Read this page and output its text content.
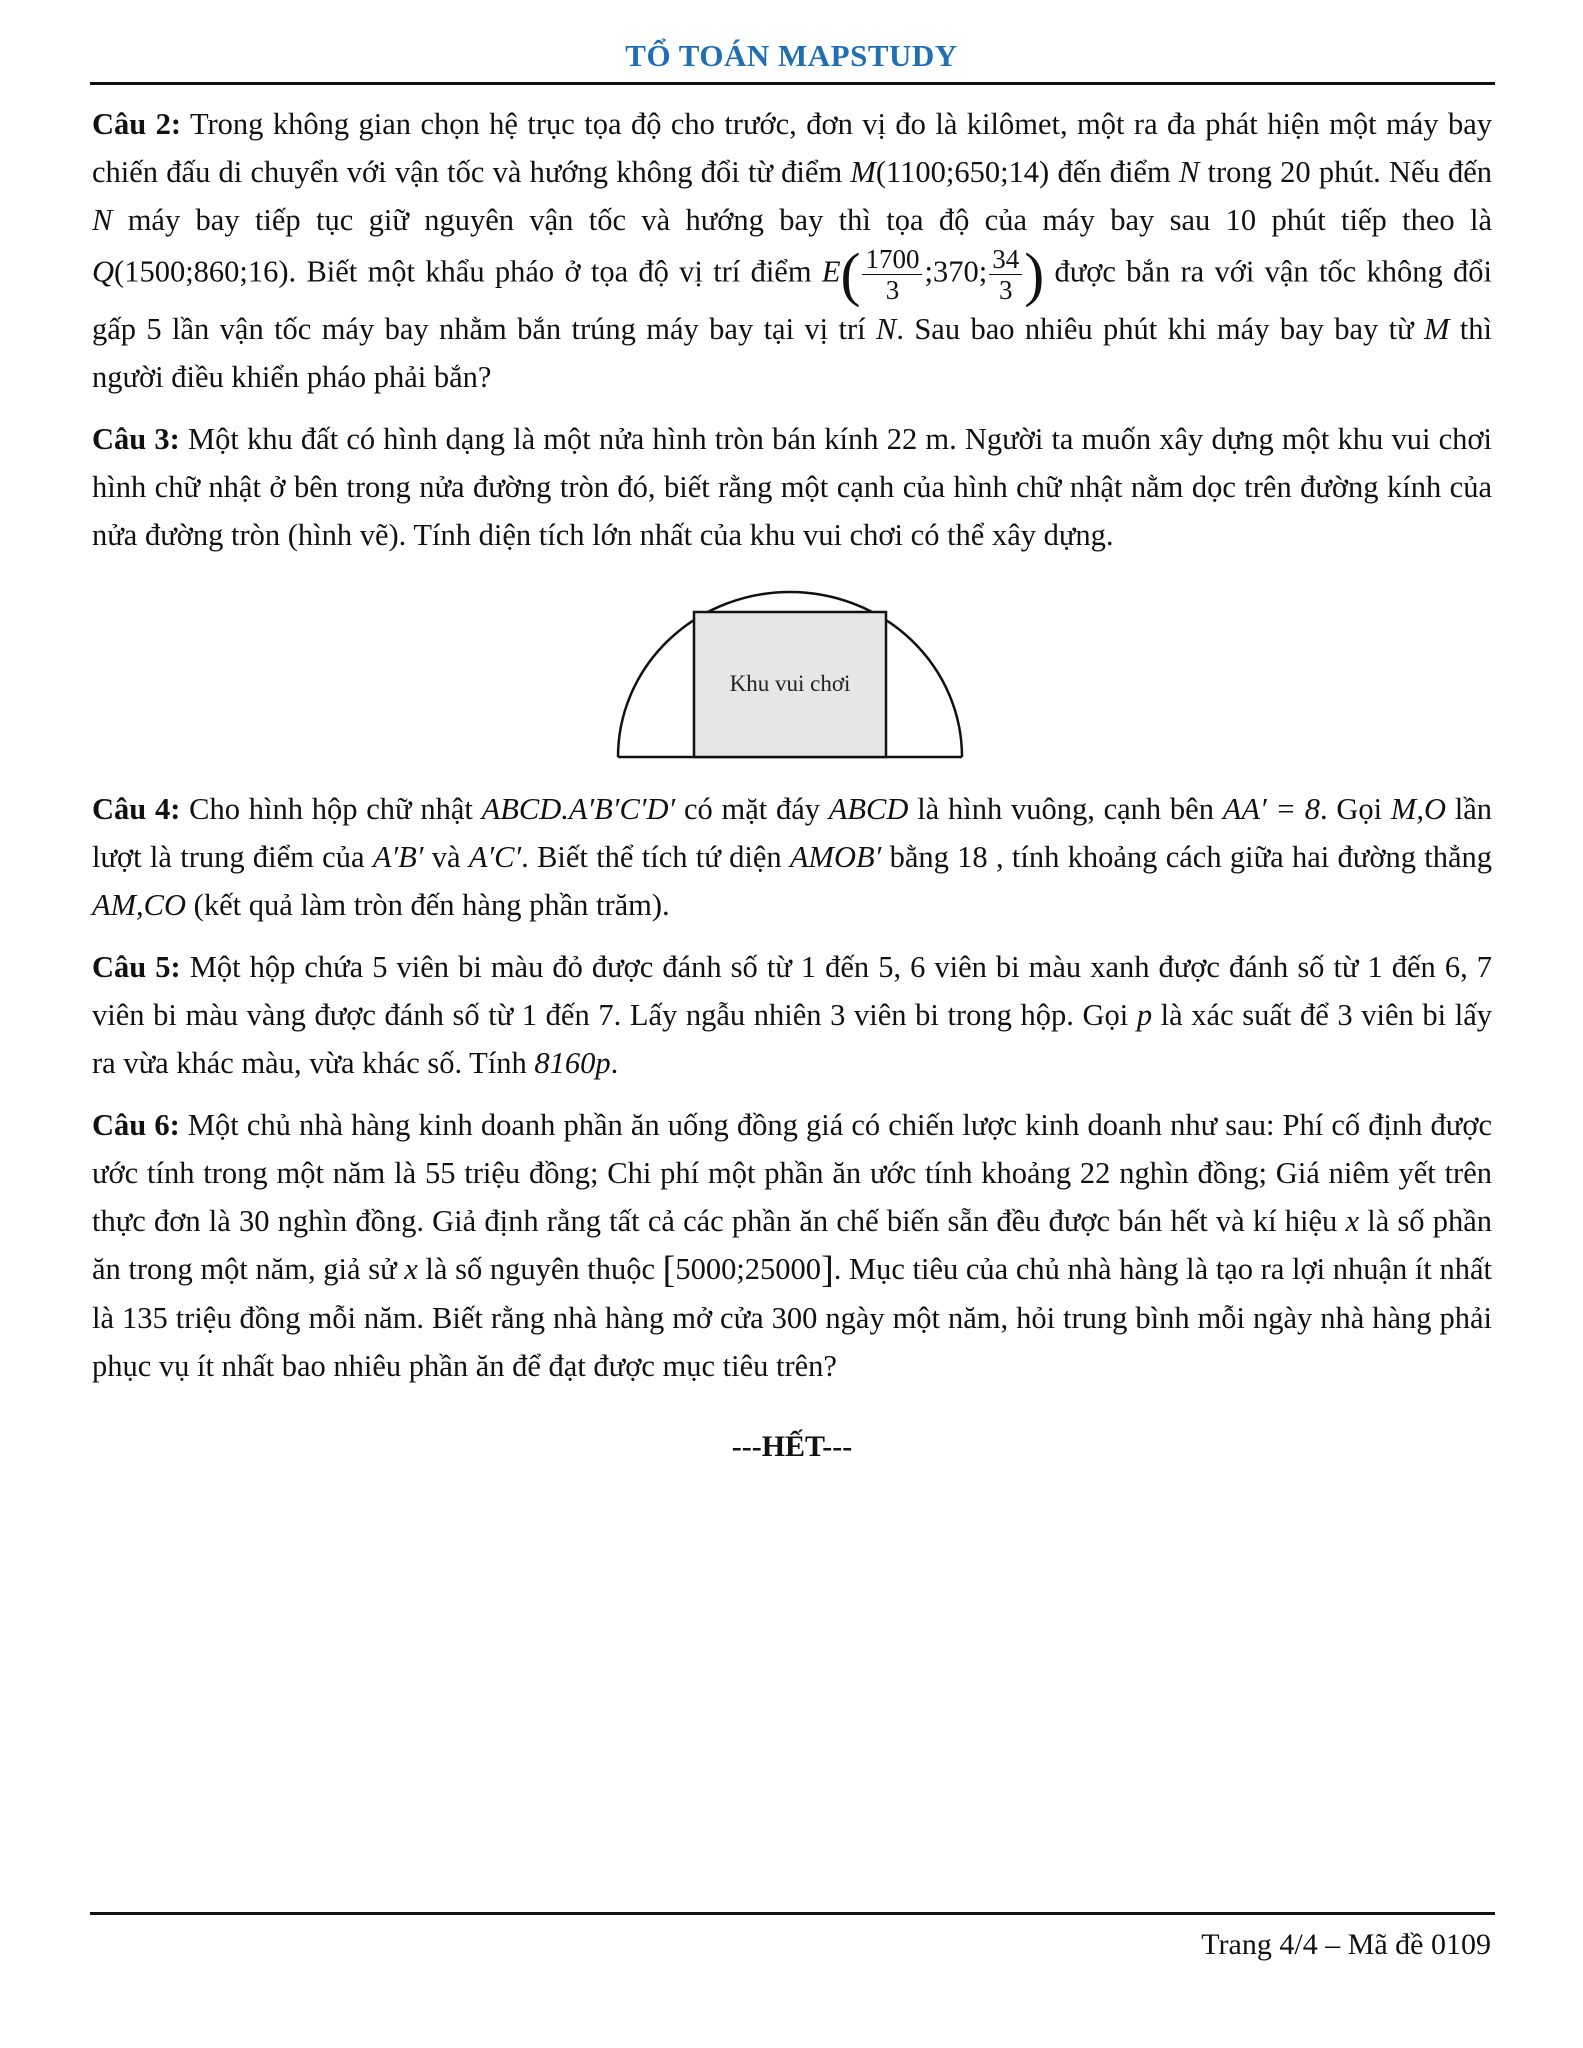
TỔ TOÁN MAPSTUDY

Câu 2: Trong không gian chọn hệ trục tọa độ cho trước, đơn vị đo là kilômet, một ra đa phát hiện một máy bay chiến đấu di chuyển với vận tốc và hướng không đổi từ điểm M(1100;650;14) đến điểm N trong 20 phút. Nếu đến N máy bay tiếp tục giữ nguyên vận tốc và hướng bay thì tọa độ của máy bay sau 10 phút tiếp theo là Q(1500;860;16). Biết một khẩu pháo ở tọa độ vị trí điểm $E( \frac{1700}{3}$ ;370; $\frac{34}{3}$ ) được bắn ra với vận tốc không đổi gấp 5 lần vận tốc máy bay nhằm bắn trúng máy bay tại vị trí N. Sau bao nhiêu phút khi máy bay bay từ M thì người điều khiển pháo phải bắn?

Câu 3: Một khu đất có hình dạng là một nửa hình tròn bán kính 22 m. Người ta muốn xây dựng một khu vui chơi hình chữ nhật ở bên trong nửa đường tròn đó, biết rằng một cạnh của hình chữ nhật nằm dọc trên đường kính của nửa đường tròn (hình vẽ). Tính diện tích lớn nhất của khu vui chơi có thể xây dựng.

Khu vui chơi

Câu 4: Cho hình hộp chữ nhật ABCD.A′B′C′D′ có mặt đáy ABCD là hình vuông, cạnh bên AA′ = 8. Gọi M,O lần lượt là trung điểm của A′B′ và A′C′. Biết thể tích tứ diện AMOB′ bằng 18 , tính khoảng cách giữa hai đường thẳng AM,CO (kết quả làm tròn đến hàng phần trăm).

Câu 5: Một hộp chứa 5 viên bi màu đỏ được đánh số từ 1 đến 5, 6 viên bi màu xanh được đánh số từ 1 đến 6, 7 viên bi màu vàng được đánh số từ 1 đến 7. Lấy ngẫu nhiên 3 viên bi trong hộp. Gọi p là xác suất để 3 viên bi lấy ra vừa khác màu, vừa khác số. Tính 8160p.

Câu 6: Một chủ nhà hàng kinh doanh phần ăn uống đồng giá có chiến lược kinh doanh như sau: Phí cố định được ước tính trong một năm là 55 triệu đồng; Chi phí một phần ăn ước tính khoảng 22 nghìn đồng; Giá niêm yết trên thực đơn là 30 nghìn đồng. Giả định rằng tất cả các phần ăn chế biến sẵn đều được bán hết và kí hiệu x là số phần ăn trong một năm, giả sử x là số nguyên thuộc [5000;25000]. Mục tiêu của chủ nhà hàng là tạo ra lợi nhuận ít nhất là 135 triệu đồng mỗi năm. Biết rằng nhà hàng mở cửa 300 ngày một năm, hỏi trung bình mỗi ngày nhà hàng phải phục vụ ít nhất bao nhiêu phần ăn để đạt được mục tiêu trên?

---HẾT---
Trang 4/4 – Mã đề 0109
